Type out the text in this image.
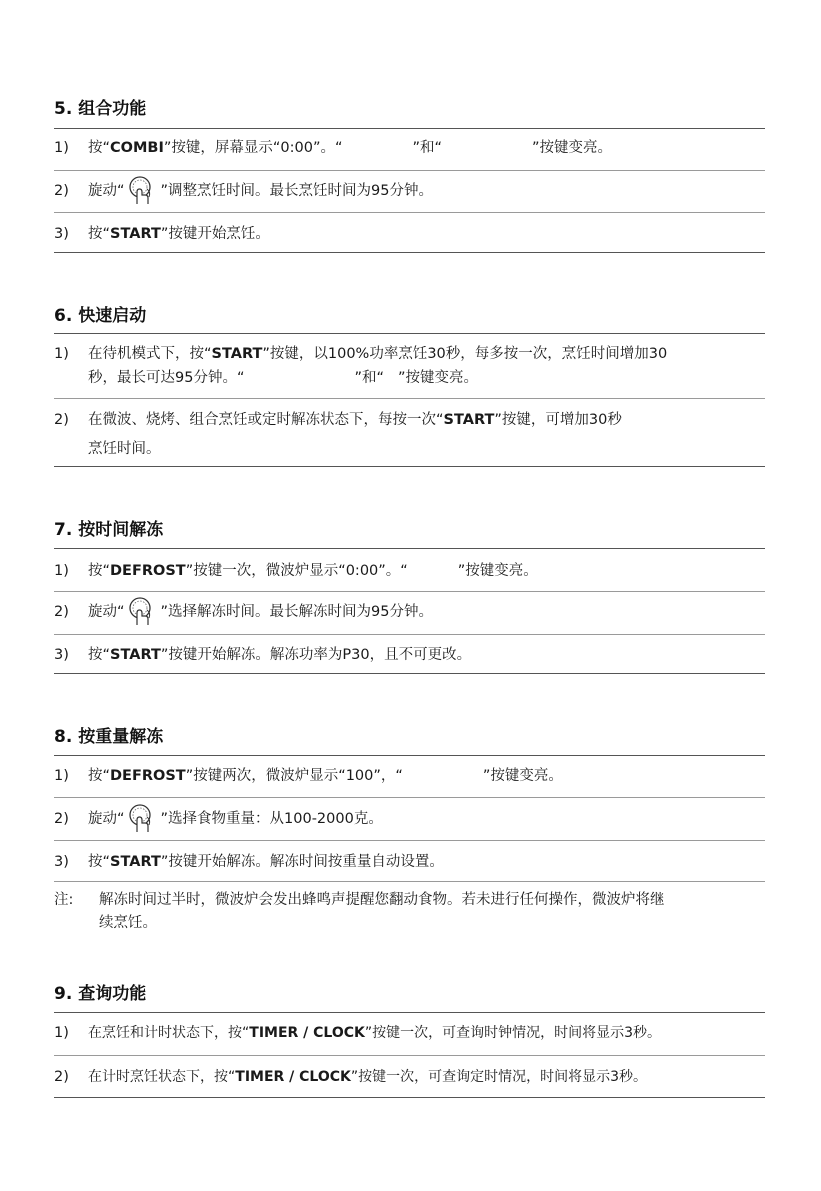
5. 组合功能
1) 按“COMBI”按键，屏幕显示“0:00”。“	”和“	”按键变亮。
2) 旋动“ ”调整烹饪时间。最长烹饪时间为95分钟。
3) 按“START”按键开始烹饪。
6. 快速启动
1) 在待机模式下，按“START”按键，以100%功率烹饪30秒，每多按一次，烹饪时间增加30
秒，最长可达95分钟。“	”和“ ”按键变亮。
2) 在微波、烧烤、组合烹饪或定时解冻状态下，每按一次“START”按键，可增加30秒
烹饪时间。
7. 按时间解冻
1) 按“DEFROST”按键一次，微波炉显示“0:00”。“	”按键变亮。
2) 旋动“ ”选择解冻时间。最长解冻时间为95分钟。
3) 按“START”按键开始解冻。解冻功率为P30，且不可更改。
8. 按重量解冻
1) 按“DEFROST”按键两次，微波炉显示“100”，“	”按键变亮。
2) 旋动“ ”选择食物重量：从100-2000克。
3) 按“START”按键开始解冻。解冻时间按重量自动设置。
注: 解冻时间过半时，微波炉会发出蜂鸣声提醒您翻动食物。若未进行任何操作，微波炉将继
续烹饪。
9. 查询功能
1) 在烹饪和计时状态下，按“TIMER / CLOCK”按键一次，可查询时钟情况，时间将显示3秒。
2) 在计时烹饪状态下，按“TIMER / CLOCK”按键一次，可查询定时情况，时间将显示3秒。
